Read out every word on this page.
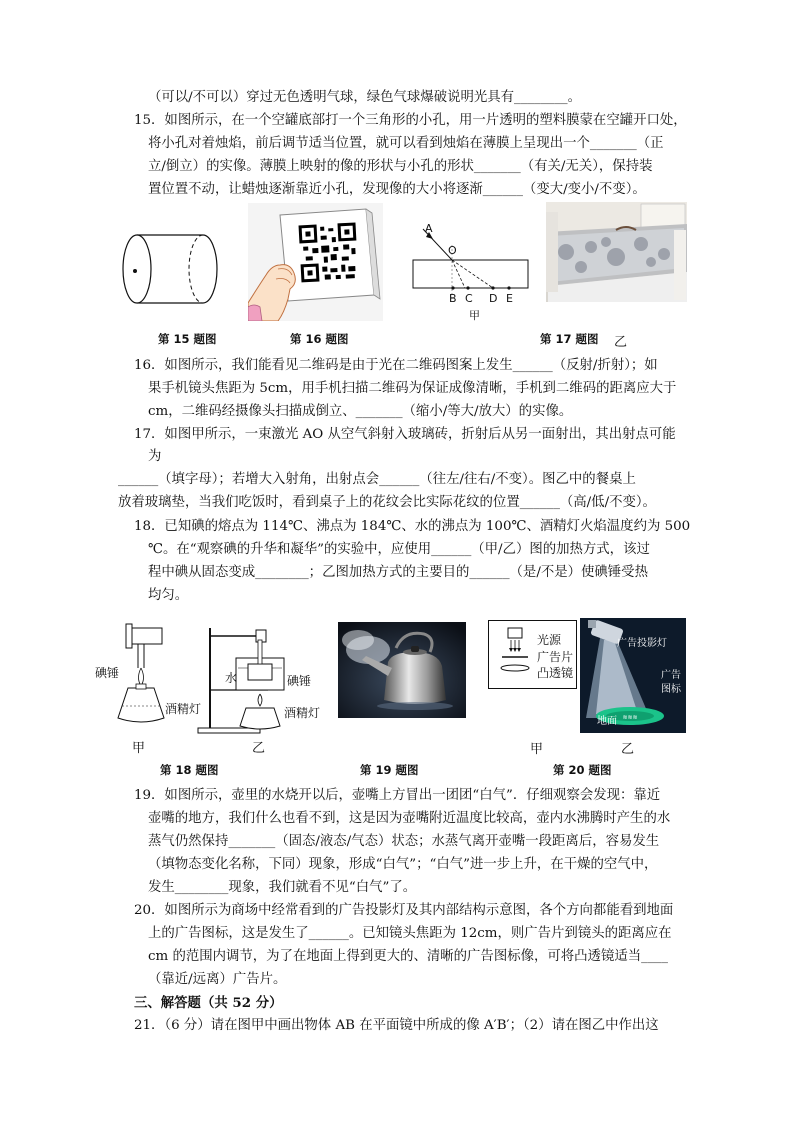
（可以/不可以）穿过无色透明气球，绿色气球爆破说明光具有________。
15．如图所示，在一个空罐底部打一个三角形的小孔，用一片透明的塑料膜蒙在空罐开口处，
将小孔对着烛焰，前后调节适当位置，就可以看到烛焰在薄膜上呈现出一个_______（正
立/倒立）的实像。薄膜上映射的像的形状与小孔的形状_______（有关/无关），保持装
置位置不动，让蜡烛逐渐靠近小孔，发现像的大小将逐渐______（变大/变小/不变）。
第 15 题图	第 16 题图
A
O
B C D E
甲
第 17 题图 乙
16．如图所示，我们能看见二维码是由于光在二维码图案上发生______（反射/折射）；如
果手机镜头焦距为 5cm，用手机扫描二维码为保证成像清晰，手机到二维码的距离应大于
cm，二维码经摄像头扫描成倒立、_______（缩小/等大/放大）的实像。
17．如图甲所示，一束激光 AO 从空气斜射入玻璃砖，折射后从另一面射出，其出射点可能
为
______（填字母）；若增大入射角，出射点会______（往左/往右/不变）。图乙中的餐桌上
放着玻璃垫，当我们吃饭时，看到桌子上的花纹会比实际花纹的位置______（高/低/不变）。
18．已知碘的熔点为 114℃、沸点为 184℃、水的沸点为 100℃、酒精灯火焰温度约为 500
℃。在“观察碘的升华和凝华”的实验中，应使用______（甲/乙）图的加热方式，该过
程中碘从固态变成________；乙图加热方式的主要目的______（是/不是）使碘锤受热
均匀。
碘锤
酒精灯
甲
水	碘锤
酒精灯
乙
第 18 题图	第 19 题图
光源
广告片
凸透镜
甲
≋≋≋
广告投影灯
广告
图标
地面
乙
第 20 题图
19．如图所示，壶里的水烧开以后，壶嘴上方冒出一团团“白气”．仔细观察会发现：靠近
壶嘴的地方，我们什么也看不到，这是因为壶嘴附近温度比较高，壶内水沸腾时产生的水
蒸气仍然保持_______（固态/液态/气态）状态；水蒸气离开壶嘴一段距离后，容易发生
（填物态变化名称，下同）现象，形成“白气”；“白气”进一步上升，在干燥的空气中，
发生________现象，我们就看不见“白气”了。
20．如图所示为商场中经常看到的广告投影灯及其内部结构示意图，各个方向都能看到地面
上的广告图标，这是发生了______。已知镜头焦距为 12cm，则广告片到镜头的距离应在
cm 的范围内调节，为了在地面上得到更大的、清晰的广告图标像，可将凸透镜适当____
（靠近/远离）广告片。
三、解答题（共 52 分）
21．（6 分）请在图甲中画出物体 AB 在平面镜中所成的像 A′B′；（2）请在图乙中作出这
